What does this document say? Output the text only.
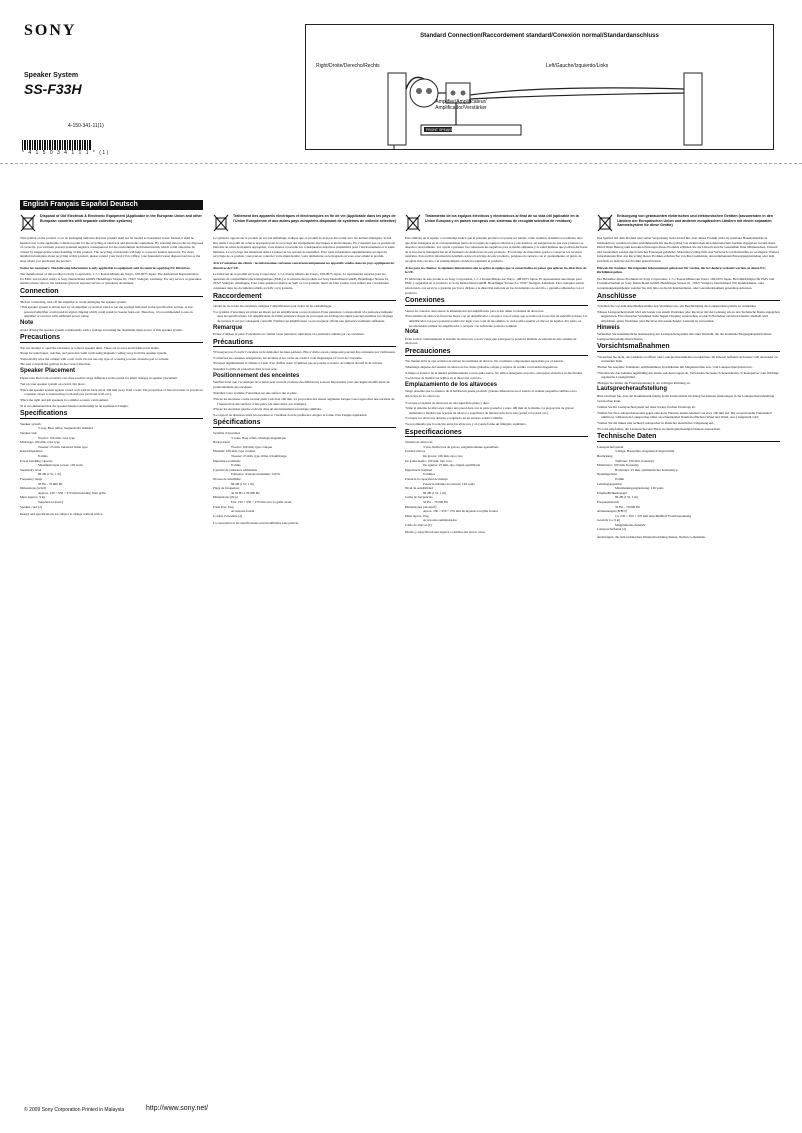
SONY
Speaker System
SS-F33H
4-150-341-11(1)
* 4 1 5 0 3 4 1 1 1 * (1)
Standard Connection/Raccordement standard/Conexión normal/Standardanschluss
Right/Droite/Derecho/Rechts	Left/Gauche/Izquierdo/Links
Amplifier/Amplificateur/
Amplificador/Verstärker
FRONT SPEAKERS
English Français Español Deutsch
Disposal of Old Electrical & Electronic Equipment (Applicable in the European Union and other European countries with separate collection systems)

This symbol on the product or on its packaging indicates that this product shall not be treated as household waste. Instead it shall be handed over to the applicable collection point for the recycling of electrical and electronic equipment. By ensuring this product is disposed of correctly, you will help prevent potential negative consequences for the environment and human health, which could otherwise be caused by inappropriate waste handling of this product. The recycling of materials will help to conserve natural resources. For more detailed information about recycling of this product, please contact your local Civic Office, your household waste disposal service or the shop where you purchased the product.

Notice for customers: The following information is only applicable to equipment sold in countries applying EU Directives.

The manufacturer of this product is Sony Corporation, 1-7-1 Konan Minato-ku Tokyo, 108-0075 Japan. The Authorized Representative for EMC and product safety is Sony Deutschland GmbH, Hedelfinger Strasse 61, 70327 Stuttgart, Germany. For any service or guarantee matters please refer to the addresses given in separate service or guarantee documents.

Connection
• Before connecting, turn off the amplifier to avoid damaging the speaker system.
• This speaker system is driven best by an amplifier or receiver rated as per the wattage indicated in the specification section. A low-powered amplifier could result in signal clipping which could result in tweeter burn-out. Therefore, it is recommended to use an amplifier or receiver with sufficient power rating.
Note

Avoid driving the speaker system continuously with a wattage exceeding the maximum input power of this speaker system.

Precautions
• Do not attempt to open the enclosure or remove speaker units. There are no user-serviceable parts inside.
• Keep recorded tapes, watches, and personal credit cards using magnetic coding away from the speaker system.
• Periodically wipe the cabinet with a soft cloth. Do not use any type of scouring powder, abrasive pad or solvent.
• Be sure to install the grill net in the correct direction.
Speaker Placement

Please note that room acoustics can often produce large difference in the sound for small changes in speaker placement.

• Set up your speaker system on a level, flat place.
• Place the speaker system against a hard wall with its back about 100 mm away from a wall. The proportion of bass increases as you move a speaker closer to intersecting room surfaces (wall and wall, etc.).
• Place the right and left speakers in a similar acoustic environment.
• It is recommended that the speaker/listener relationship be an equilateral triangle.
Specifications
Speaker system
3-way, Bass reflex, magnetically shielded
Speaker unit
Woofer: 100 mm, cone type
Midrange: 100 mm, cone type
Tweeter: 25 mm, balanced dome type
Rated impedance
8 ohms
Power handling capacity
Maximum input power: 120 watts
Sensitivity level
86 dB (1 W, 1 m)
Frequency range
50 Hz - 70,000 Hz
Dimensions (w/h/d)
Approx. 230 × 950 × 270 mm including front grille
Mass Approx. 9 kg
Supplied accessory
Speaker cord (2)

Design and specifications are subject to change without notice.

Traitement des appareils électriques et électroniques en fin de vie (Applicable dans les pays de l’Union Européenne et aux autres pays européens disposant de systèmes de collecte sélective)

Ce symbole, apposé sur le produit ou sur son emballage, indique que ce produit ne doit pas être traité avec les déchets ménagers. Il doit être remis à un point de collecte approprié pour le recyclage des équipements électriques et électroniques. En s’assurant que ce produit est bien mis au rebut de manière appropriée, vous aiderez à prévenir les conséquences négatives potentielles pour l’environnement et la santé humaine. Le recyclage des matériaux aidera à préserver les ressources naturelles. Pour toute information supplémentaire au sujet du recyclage de ce produit, vous pouvez contacter votre municipalité, votre déchetterie ou le magasin où vous avez acheté le produit.

Avis à l’attention des clients : les informations suivantes concernent uniquement les appareils vendus dans les pays appliquant les directives de l’UE.

Le fabricant de ce produit est Sony Corporation, 1-7-1 Konan Minato-ku Tokyo, 108-0075 Japon. Le représentant autorisé pour les questions de compatibilité électromagnétique (EMC) et la sécurité des produits est Sony Deutschland GmbH, Hedelfinger Strasse 61, 70327 Stuttgart, Allemagne. Pour toute question relative au SAV ou à la garantie, merci de bien vouloir vous référer aux coordonnées contenues dans les documents relatifs au SAV ou la garantie.

Raccordement
• Avant de raccorder les enceintes, éteignez l’amplificateur pour éviter de les endommager.
• Ce système d’enceintes est piloté au mieux par un amplificateur ou un récepteur d’une puissance correspondant à la puissance indiquée dans les spécifications. Un amplificateur de faible puissance risque de provoquer un écrêtage du signal pouvant entraîner un claquage du tweeter. Il est par conséquent conseillé d’utiliser un amplificateur ou un récepteur offrant une puissance nominale suffisante.
Remarque

Evitez d’utiliser la paire d’enceintes en continu à une puissance supérieure à la puissance admise par ces enceintes.

Précautions
• N’essayez pas d’ouvrir l’enceinte ni de démonter les haut-parleurs. Elle n’abrite aucun composant pouvant être entretenu par l’utilisateur.
• Conservez les cassettes enregistrées, les montres et les cartes de crédit à code magnétique à l’écart de l’enceinte.
• Essuyez régulièrement le châssis à l’aide d’un chiffon doux. N’utilisez pas de poudre à récurer, de tampon abrasif ni de solvant.
• Installez la grille de protection dans le bon sens.
Positionnement des enceintes

Veuillez noter que l’acoustique de la pièce peut souvent produire des différences sonores importantes pour une légère modification du positionnement des enceintes.

• Installez votre système d’enceintes sur une surface dur et plate.
• Placez les enceintes contre un mur plein à environ 100 mm. La proportion des basses augmente lorsque vous rapprochez une enceinte de l’intersection des surfaces d’une pièce (de deux murs, par exemple).
• Placez les enceintes gauche et droite dans un environnement acoustique similaire.
• Le rapport de distances entre les enceintes et l’auditeur doit de préférence adopter la forme d’un triangle équilatéral.
Spécifications
Système d’enceintes
3 voies, Bass reflex, blindage magnétique
Haut-parleur
Woofer: 100 mm, type conique
Medium: 100 mm, type conique
Tweeter: 25 mm, type dôme d’équilibrage
Impédance nominale
8 ohms
Capacité de puissance admissible
Puissance d’entrée maximum: 120 W
Niveau de sensibilité
86 dB (1 W, 1 m)
Plage de fréquences
de 50 Hz à 70.000 Hz
Dimensions (l/h/p)
Env. 230 × 950 × 270 mm avec la grille avant
Poids Env. 9 kg
Accessoire fourni
Cordon d’enceinte (2)

La conception et les spécifications sont modifiables sans préavis.

Tratamiento de los equipos eléctricos y electrónicos al final de su vida útil (aplicable en la Unión Europea y en países europeos con sistemas de recogida selectiva de residuos)

Este símbolo en el equipo o el embalaje indica que el presente producto no puede ser tratado como residuos domésticos normales, sino que debe entregarse en el correspondiente punto de recogida de equipos eléctricos y electrónicos. Al asegurarse de que este producto se desecha correctamente, Ud. ayuda a prevenir las consecuencias negativas para el medio ambiente y la salud humana que podrían derivarse de la incorrecta manipulación en el momento de deshacerse de este producto. El reciclaje de materiales ayuda a conservar los recursos naturales. Para recibir información detallada sobre el reciclaje de este producto, póngase en contacto con el ayuntamiento, el punto de recogida más cercano o el establecimiento donde ha adquirido el producto.

Aviso para los clientes: la siguiente información solo se aplica al equipo que se comercializa en países que aplican las directivas de la UE.

El fabricante de este producto es Sony Corporation, 1-7-1 Konan Minato-ku Tokyo, 108-0075 Japón. El representante autorizado para EMC y seguridad en el producto es Sony Deutschland GmbH, Hedelfinger Strasse 61, 70327 Stuttgart, Alemania. Para cualquier asunto relacionado con servicio o garantía por favor diríjase a la dirección indicada en los documentos de servicio o garantía adjuntados con el producto.

Conexiones
• Antes de conectar, desconecte la alimentación del amplificador para evitar dañar el sistema de altavoces.
• Este sistema de altavoces funciona mejor con un amplificador o receptor con el vataje que se indica en la sección de especificaciones. Un amplificador con poca potencia podría dar lugar a un corte de las señales, lo cual podría quemar el altavoz de agudos. Por tanto, es recomendable utilizar un amplificador o receptor con suficiente potencia nominal.
Nota

Evite excitar continuamente el sistema de altavoces con un vataje que sobrepase la potencia máxima de entrada de este sistema de altavoces.

Precauciones
• No intente abrir la caja acústica ni extraer las unidades de altavoz. No contienen componentes reparables por el usuario.
• Mantenga alejadas del sistema de altavoces las cintas grabadas, relojes y tarjetas de crédito con bandas magnéticas.
• Limpie el exterior de la unidad periódicamente con un paño suave. No utilice detergente en polvo, estropajos abrasivos ni disolventes.
• Cerciórese de instalar las rejillas en la dirección correcta.
Emplazamiento de los altavoces

Tenga presente que la acústica de la habitación puede producir grandes diferencias en el sonido al realizar pequeños cambios en la ubicación de los altavoces.

• Coloque el sistema de altavoces en una superficie plana y dura.
• Sitúe el sistema de altavoces contra una pared dura con la parte posterior a unos 100 mm de la misma. La proporción de graves aumentará a medida que acerque un altavoz a superficies de intersección de la sala (pared con pared, etc.).
• Coloque los altavoces derecho e izquierdo en un entorno acústico similar.
• Se recomienda que la relación entre los altavoces y el oyente forme un triángulo equilátero.
Especificaciones
Sistema de altavoces
3 vías, Reflectora de graves, magnéticamente apantallado
Unidad altavoz
De graves: 100 mm, tipo cono
De gama media: 100 mm, tipo cono
De agudos: 25 mm, tipo cúpula equilibrada
Impedancia nominal
8 ohmios
Potencia la capacidad de manejo
Potencia máxima de entrada: 120 watts
Nivel de sensibilidad
86 dB (1 W, 1 m)
Gama de frecuencias
50 Hz – 70 000 Hz
Dimensiones (an/al/prf)
Aprox. 230 × 950 × 270 mm incluyendo la rejilla frontal
Masa Aprox. 9 kg
Accesorios suministrados
Cable de altavoz (2)

Diseño y especificaciones sujetos a cambios sin previo aviso.

Entsorgung von gebrauchten elektrischen und elektronischen Geräten (anzuwenden in den Ländern der Europäischen Union und anderen europäischen Ländern mit einem separaten Sammelsystem für diese Geräte)

Das Symbol auf dem Produkt oder seiner Verpackung weist darauf hin, dass dieses Produkt nicht als normaler Haushaltsabfall zu behandeln ist, sondern an einer Annahmestelle für das Recycling von elektrischen und elektronischen Geräten abgegeben werden muss. Durch Ihren Beitrag zum korrekten Entsorgen dieses Produkts schützen Sie die Umwelt und die Gesundheit Ihrer Mitmenschen. Umwelt und Gesundheit werden durch falsches Entsorgen gefährdet. Materialrecycling hilft, den Verbrauch von Rohstoffen zu verringern. Weitere Informationen über das Recycling dieses Produkts erhalten Sie von Ihrer Gemeinde, den kommunalen Entsorgungsbetrieben oder dem Geschäft, in dem Sie das Produkt gekauft haben.

Hinweis für Kunden: Die folgenden Informationen gelten nur für Geräte, die in Ländern verkauft werden, in denen EU-Richtlinien gelten.

Der Hersteller dieses Produktes ist Sony Corporation, 1-7-1 Konan Minato-ku Tokio, 108-0075 Japan. Bevollmächtigter für EMV und Produktsicherheit ist Sony Deutschland GmbH, Hedelfinger Strasse 61, 70327 Stuttgart, Deutschland. Für Kundendienst- oder Garantieangelegenheiten wenden Sie sich bitte an die im Kundendienst- oder Garantiedokument genannten Adressen.

Anschlüsse
• Schalten Sie vor dem Anschließen immer den Verstärker aus, um Beschädigung des Lautsprechersystems zu vermeiden.
• Dieses Lautsprechersystem wird am besten von einem Verstärker oder Receiver mit der Leistung wie in den Technische Daten angegeben angetrieben. Ein schwacher Verstärker kann Signal-Clipping verursachen, wodurch Hochtöner zerstören können. Deshalb wird empfohlen, einen Verstärker oder Receiver mit ausreichender Leistung zu verwenden.
Hinweis

Vermeiden Sie kontinuierliche Ansteuerung des Lautsprechersystems mit einer Wattzahl, die die maximale Eingangskapazität dieses Lautsprechersystems überschreitet.

Vorsichtsmaßnahmen
• Versuchen Sie nicht, das Gehäuse zu öffnen oder Lautsprechereinheiten zu entfernen. Im Inneren befinden sich keine vom Anwender zu wartenden Teile.
• Halten Sie bespielte Tonbänder, Armbanduhren, Kreditkarten mit Magnetstreifen usw. vom Lautsprechersystem fern.
• Wischen Sie das Gehäuse regelmäßig mit einem weichen Lappen ab. Verwenden Sie keine Scheuerbürsten, Scheuerpulver oder flüchtige organische Lösungsmittel.
• Bringen Sie immer die Frontbespannung in der richtigen Richtung an.
Lautsprecheraufstellung

Bitte beachten Sie, dass der Raumakustik häufig große Unterschiede im Klang bei kleinen Änderungen in der Lautsprecheraufstellung verursachen kann.

• Stellen Sie Ihr Lautsprechersystem auf einer harten, flachen Unterlage ab.
• Stellen Sie das Lautsprechersystem gegen eine harte Wand in einem Abstand von etwa 100 mm auf. Der proportionelle Tiefenanteil nimmt zu, während ein Lautsprecher näher an schneidenden Raumoberflächen (Wand und Wand, usw.) aufgestellt wird.
• Stellen Sie die linken und rechten Lautsprecher in ähnlicher akustischer Umgebung auf.
• Es wird empfohlen, die Lautsprecher/den Hörer in einem gleichseitigen Dreieck anzuordnen.
Technische Daten
Lautsprechersystem
3-Wege, Bassreflex, magnetisch abgeschirmt
Bestückung
Tieftöner: 100 mm, Konustyp
Mitteltöner: 100 mm, Konustyp
Hochtöner: 25 mm, symmetrischer Kalottentyp
Nennimpedanz
8 Ohm
Leistungskapazität
Maximaleingangsleistung: 120 watts
Empfindlichkeitspegel
86 dB (1 W, 1 m)
Frequenzbereich
50 Hz – 70.000 Hz
Abmessungen (B/H/T)
Ca. 230 × 950 × 270 mm einschließlich Frontbespannung
Gewicht Ca. 9 kg
Mitgeliefertes Zubehör
Lautsprecherkabel (2)

Änderungen, die dem technischen Weiterentwicklung dienen, bleiben vorbehalten.

© 2009 Sony Corporation Printed in Malaysia	http://www.sony.net/
